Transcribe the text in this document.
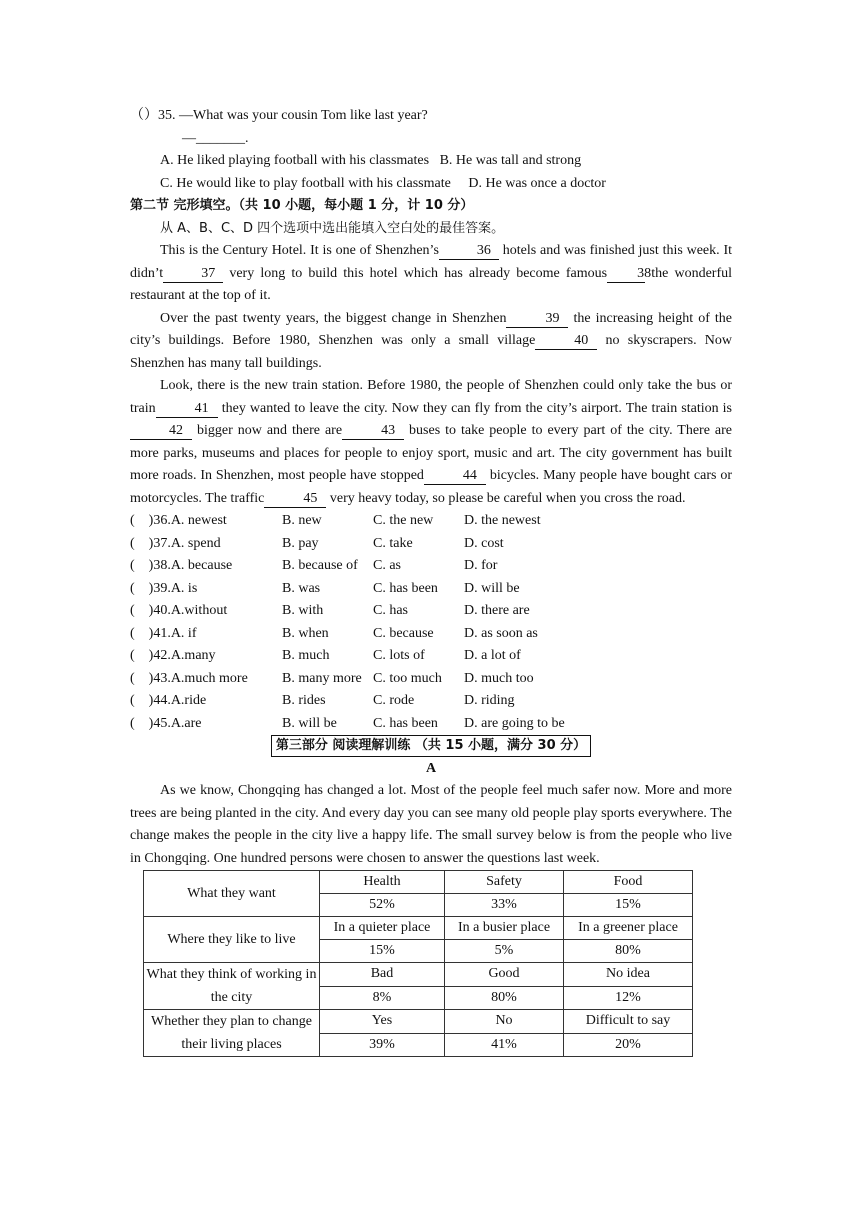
（）35. —What was your cousin Tom like last year?
—_______.
A. He liked playing football with his classmates   B. He was tall and strong
C. He would like to play football with his classmate     D. He was once a doctor
第二节 完形填空。（共 10 小题，每小题 1 分，计 10 分）
从 A、B、C、D 四个选项中选出能填入空白处的最佳答案。
This is the Century Hotel. It is one of Shenzhen’s	36 hotels and was finished just this week. It didn’t	37 very long to build this hotel which has already become famous 38 the wonderful restaurant at the top of it.
Over the past twenty years, the biggest change in Shenzhen	39 the increasing height of the city’s buildings. Before 1980, Shenzhen was only a small village	40 no skyscrapers. Now Shenzhen has many tall buildings.
Look, there is the new train station. Before 1980, the people of Shenzhen could only take the bus or train	41 they wanted to leave the city. Now they can fly from the city’s airport. The train station is42 bigger now and there are	43 buses to take people to every part of the city. There are more parks, museums and places for people to enjoy sport, music and art. The city government has built more roads. In Shenzhen, most people have stopped	44 bicycles. Many people have bought cars or motorcycles. The traffic	45 very heavy today, so please be careful when you cross the road.
(    )36.A. newest	B. new	C. the new	D. the newest
(    )37.A. spend	B. pay	C. take	D. cost
(    )38.A. because	B. because of	C. as	D. for
(    )39.A. is	B. was	C. has been	D. will be
(    )40.A.without	B. with	C. has	D. there are
(    )41.A. if	B. when	C. because	D. as soon as
(    )42.A.many	B. much	C. lots of	D. a lot of
(    )43.A.much more	B. many more C. too much	D. much too
(    )44.A.ride	B. rides	C. rode	D. riding
(    )45.A.are	B. will be	C. has been	D. are going to be
第三部分 阅读理解训练 （共 15 小题，满分 30 分）
A
As we know, Chongqing has changed a lot. Most of the people feel much safer now. More and more trees are being planted in the city. And every day you can see many old people play sports everywhere. The change makes the people in the city live a happy life. The small survey below is from the people who live in Chongqing. One hundred persons were chosen to answer the questions last week.
What they want	Health	Safety	Food
	52%	33%	15%
Where they like to live	In a quieter place	In a busier place	In a greener place
	15%	5%	80%
What they think of working in the city	Bad	Good	No idea
	8%	80%	12%
Whether they plan to change their living places	Yes	No	Difficult to say
	39%	41%	20%
